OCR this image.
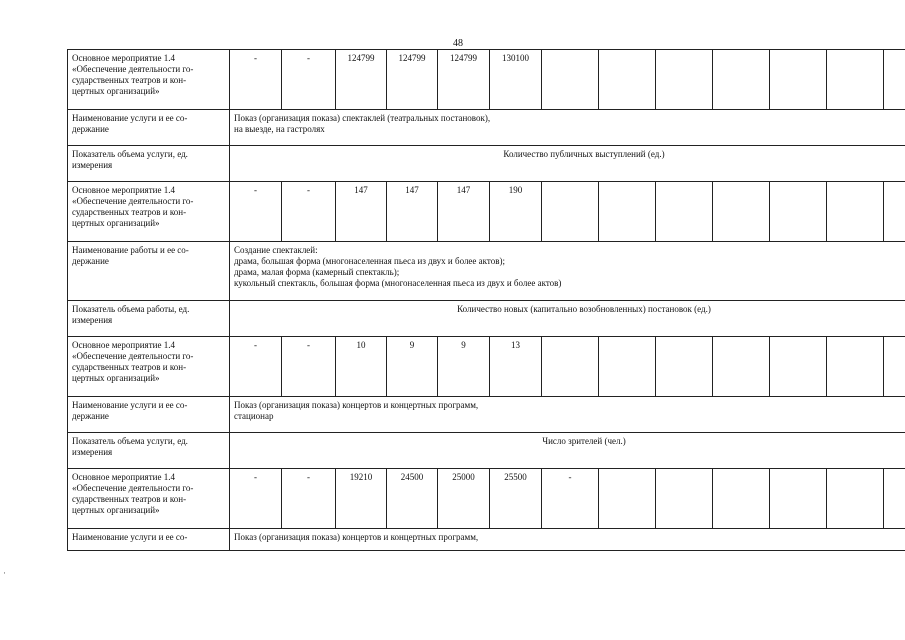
48
Основное мероприятие 1.4
«Обеспечение деятельности го-
сударственных театров и кон-
цертных организаций»	-	-	124799	124799	124799	130100							
Наименование услуги и ее со-
держание	Показ (организация показа) спектаклей (театральных постановок),
на выезде, на гастролях												
Показатель объема услуги, ед.
измерения	Количество публичных выступлений (ед.)												
Основное мероприятие 1.4
«Обеспечение деятельности го-
сударственных театров и кон-
цертных организаций»	-	-	147	147	147	190							
Наименование работы и ее со-
держание	Создание спектаклей:
драма, большая форма (многонаселенная пьеса из двух и более актов);
драма, малая форма (камерный спектакль);
кукольный спектакль, большая форма (многонаселенная пьеса из двух и более актов)												
Показатель объема работы, ед.
измерения	Количество новых (капитально возобновленных) постановок (ед.)												
Основное мероприятие 1.4
«Обеспечение деятельности го-
сударственных театров и кон-
цертных организаций»	-	-	10	9	9	13							
Наименование услуги и ее со-
держание	Показ (организация показа) концертов и концертных программ,
стационар												
Показатель объема услуги, ед.
измерения	Число зрителей (чел.)												
Основное мероприятие 1.4
«Обеспечение деятельности го-
сударственных театров и кон-
цертных организаций»	-	-	19210	24500	25000	25500	-						
Наименование услуги и ее со-	Показ (организация показа) концертов и концертных программ,												
·
